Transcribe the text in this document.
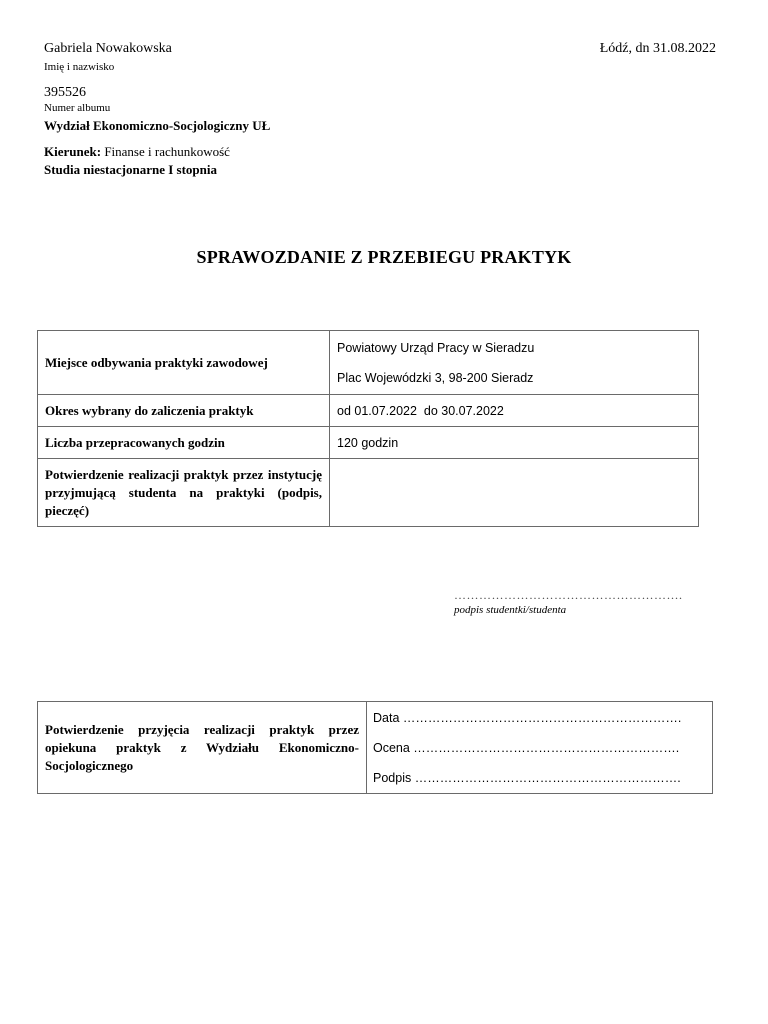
Gabriela Nowakowska	Łódź, dn 31.08.2022
Imię i nazwisko
395526
Numer albumu
Wydział Ekonomiczno-Socjologiczny UŁ
Kierunek: Finanse i rachunkowość
Studia niestacjonarne I stopnia
SPRAWOZDANIE Z PRZEBIEGU PRAKTYK
Miejsce odbywania praktyki zawodowej	Powiatowy Urząd Pracy w Sieradzu
Plac Wojewódzki 3, 98-200 Sieradz

Okres wybrany do zaliczenia praktyk	od 01.07.2022  do 30.07.2022
Liczba przepracowanych godzin	120 godzin
Potwierdzenie realizacji praktyk przez instytucję przyjmującą studenta na praktyki (podpis, pieczęć)	
……………………………………………….
podpis studentki/studenta
Potwierdzenie przyjęcia realizacji praktyk przez opiekuna praktyk z Wydziału Ekonomiczno-Socjologicznego	
Data ………………………………………………………….
Ocena ……………………………………………………….
Podpis ……………………………………………………….
